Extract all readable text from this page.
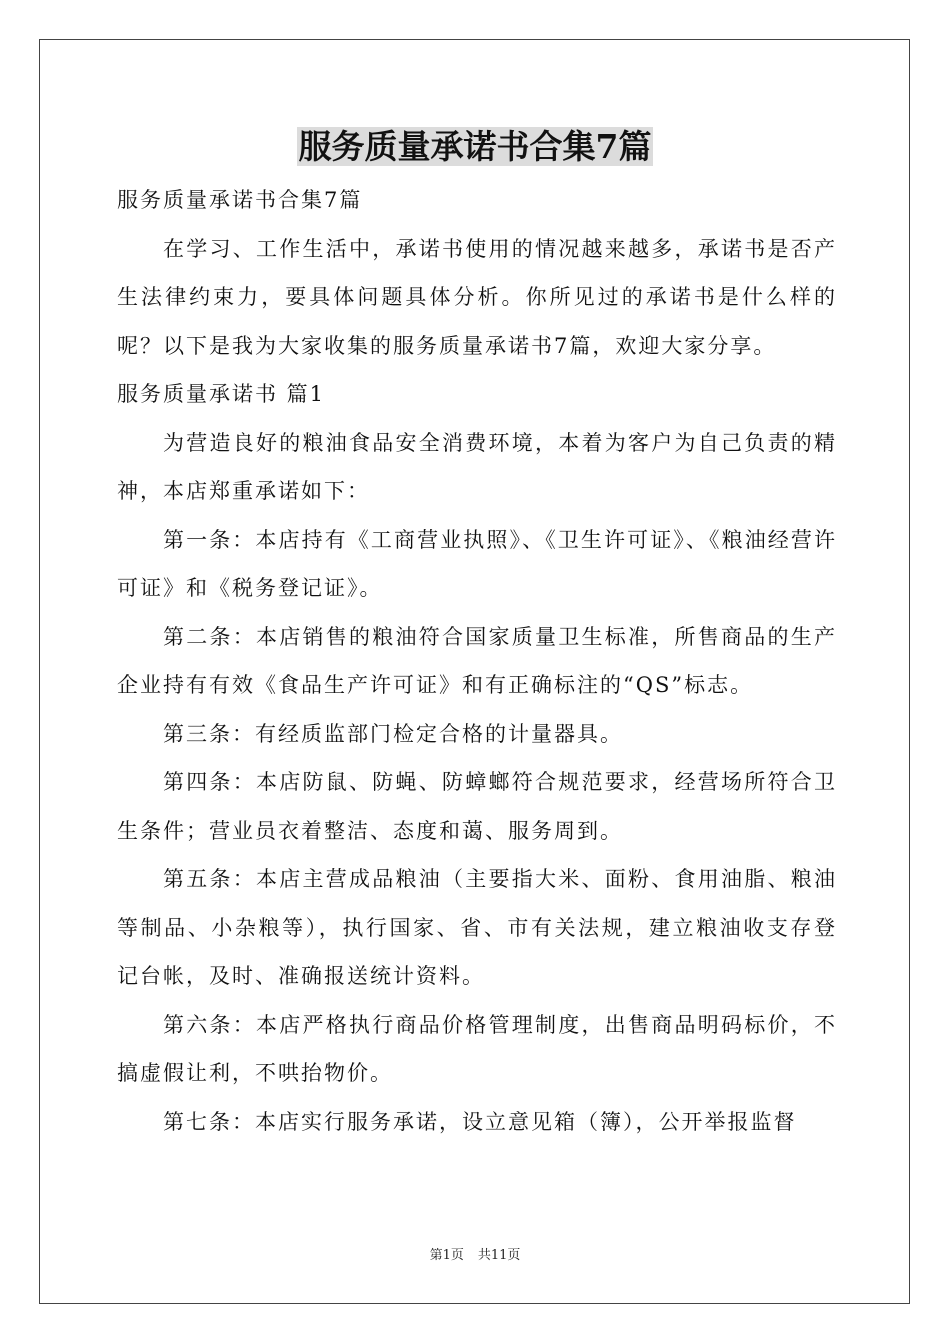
服务质量承诺书合集7篇

服务质量承诺书合集7篇

在学习、工作生活中，承诺书使用的情况越来越多，承诺书是否产生法律约束力，要具体问题具体分析。你所见过的承诺书是什么样的呢？以下是我为大家收集的服务质量承诺书7篇，欢迎大家分享。

服务质量承诺书 篇1

为营造良好的粮油食品安全消费环境，本着为客户为自己负责的精神，本店郑重承诺如下：

第一条：本店持有《工商营业执照》、《卫生许可证》、《粮油经营许可证》和《税务登记证》。

第二条：本店销售的粮油符合国家质量卫生标准，所售商品的生产企业持有有效《食品生产许可证》和有正确标注的“QS”标志。

第三条：有经质监部门检定合格的计量器具。

第四条：本店防鼠、防蝇、防蟑螂符合规范要求，经营场所符合卫生条件；营业员衣着整洁、态度和蔼、服务周到。

第五条：本店主营成品粮油（主要指大米、面粉、食用油脂、粮油等制品、小杂粮等），执行国家、省、市有关法规，建立粮油收支存登记台帐，及时、准确报送统计资料。

第六条：本店严格执行商品价格管理制度，出售商品明码标价，不搞虚假让利，不哄抬物价。

第七条：本店实行服务承诺，设立意见箱（簿），公开举报监督

第1页 共11页
